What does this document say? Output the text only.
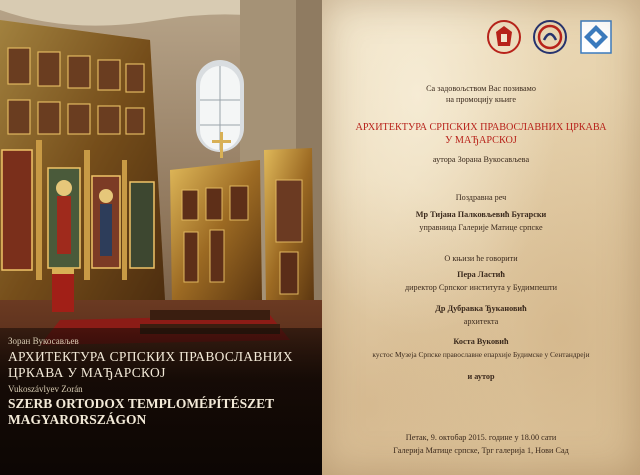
Зоран Вукосављев
АРХИТЕКТУРА СРПСКИХ ПРАВОСЛАВНИХ
ЦРКАВА У МАЂАРСКОЈ
Vukoszávlyev Zorán
SZERB ORTODOX TEMPLOMÉPÍTÉSZET
MAGYARORSZÁGON
Са задовољством Вас позивамо
на промоцију књиге
АРХИТЕКТУРА СРПСКИХ ПРАВОСЛАВНИХ ЦРКАВА
У МАЂАРСКОЈ
аутора Зорана Вукосављева
Поздравна реч
Мр Тијана Палковљевић Бугарски
управница Галерије Матице српске
О књизи ће говорити
Пера Ластић
директор Српског института у Будимпешти
Др Дубравка Ђукановић
архитекта
Коста Вуковић
кустос Музеја Српске православне епархије Будимске у Сентандреји
и аутор
Петак, 9. октобар 2015. године у 18.00 сати
Галерија Матице српске, Трг галерија 1, Нови Сад
